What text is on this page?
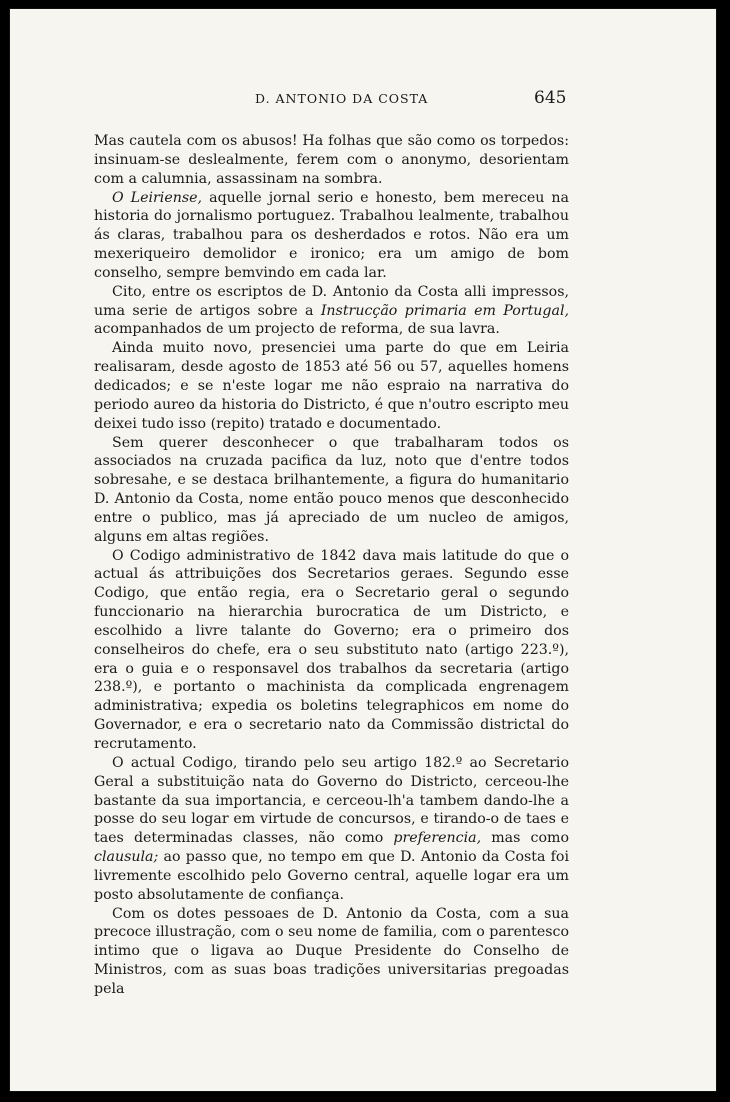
D. ANTONIO DA COSTA	645

Mas cautela com os abusos! Ha folhas que são como os torpedos: insinuam-se deslealmente, ferem com o anonymo, desorientam com a calumnia, assassinam na sombra.

O Leiriense, aquelle jornal serio e honesto, bem mereceu na historia do jornalismo portuguez. Trabalhou lealmente, trabalhou ás claras, trabalhou para os desherdados e rotos. Não era um mexeriqueiro demolidor e ironico; era um amigo de bom conselho, sempre bemvindo em cada lar.

Cito, entre os escriptos de D. Antonio da Costa alli impressos, uma serie de artigos sobre a Instrucção primaria em Portugal, acompanhados de um projecto de reforma, de sua lavra.

Ainda muito novo, presenciei uma parte do que em Leiria realisaram, desde agosto de 1853 até 56 ou 57, aquelles homens dedicados; e se n'este logar me não espraio na narrativa do periodo aureo da historia do Districto, é que n'outro escripto meu deixei tudo isso (repito) tratado e documentado.

Sem querer desconhecer o que trabalharam todos os associados na cruzada pacifica da luz, noto que d'entre todos sobresahe, e se destaca brilhantemente, a figura do humanitario D. Antonio da Costa, nome então pouco menos que desconhecido entre o publico, mas já apreciado de um nucleo de amigos, alguns em altas regiões.

O Codigo administrativo de 1842 dava mais latitude do que o actual ás attribuições dos Secretarios geraes. Segundo esse Codigo, que então regia, era o Secretario geral o segundo funccionario na hierarchia burocratica de um Districto, e escolhido a livre talante do Governo; era o primeiro dos conselheiros do chefe, era o seu substituto nato (artigo 223.º), era o guia e o responsavel dos trabalhos da secretaria (artigo 238.º), e portanto o machinista da complicada engrenagem administrativa; expedia os boletins telegraphicos em nome do Governador, e era o secretario nato da Commissão districtal do recrutamento.

O actual Codigo, tirando pelo seu artigo 182.º ao Secretario Geral a substituição nata do Governo do Districto, cerceou-lhe bastante da sua importancia, e cerceou-lh'a tambem dando-lhe a posse do seu logar em virtude de concursos, e tirando-o de taes e taes determinadas classes, não como preferencia, mas como clausula; ao passo que, no tempo em que D. Antonio da Costa foi livremente escolhido pelo Governo central, aquelle logar era um posto absolutamente de confiança.

Com os dotes pessoaes de D. Antonio da Costa, com a sua precoce illustração, com o seu nome de familia, com o parentesco intimo que o ligava ao Duque Presidente do Conselho de Ministros, com as suas boas tradições universitarias pregoadas pela
